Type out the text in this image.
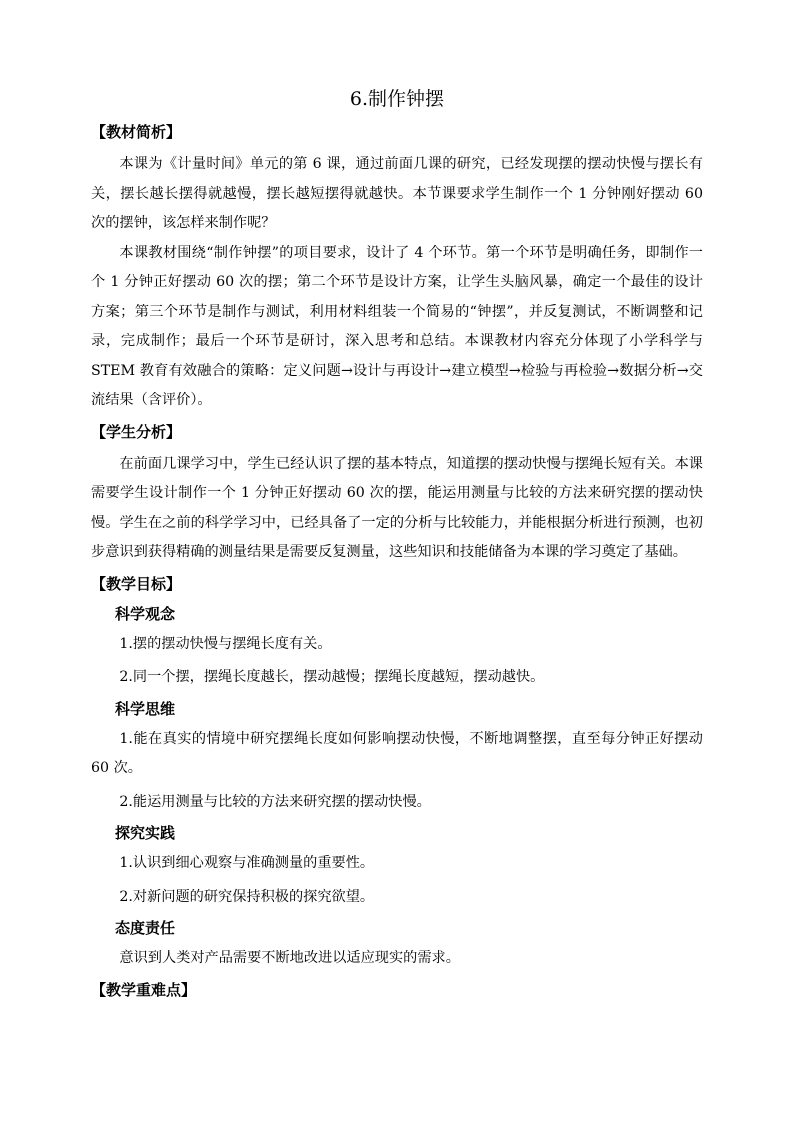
6.制作钟摆
【教材简析】

本课为《计量时间》单元的第 6 课，通过前面几课的研究，已经发现摆的摆动快慢与摆长有关，摆长越长摆得就越慢，摆长越短摆得就越快。本节课要求学生制作一个 1 分钟刚好摆动 60 次的摆钟，该怎样来制作呢？

本课教材围绕“制作钟摆”的项目要求，设计了 4 个环节。第一个环节是明确任务，即制作一个 1 分钟正好摆动 60 次的摆；第二个环节是设计方案，让学生头脑风暴，确定一个最佳的设计方案；第三个环节是制作与测试，利用材料组装一个简易的“钟摆”，并反复测试，不断调整和记录，完成制作；最后一个环节是研讨，深入思考和总结。本课教材内容充分体现了小学科学与 STEM 教育有效融合的策略：定义问题→设计与再设计→建立模型→检验与再检验→数据分析→交流结果（含评价）。

【学生分析】

在前面几课学习中，学生已经认识了摆的基本特点，知道摆的摆动快慢与摆绳长短有关。本课需要学生设计制作一个 1 分钟正好摆动 60 次的摆，能运用测量与比较的方法来研究摆的摆动快慢。学生在之前的科学学习中，已经具备了一定的分析与比较能力，并能根据分析进行预测，也初步意识到获得精确的测量结果是需要反复测量，这些知识和技能储备为本课的学习奠定了基础。

【教学目标】
科学观念

1.摆的摆动快慢与摆绳长度有关。

2.同一个摆，摆绳长度越长，摆动越慢；摆绳长度越短，摆动越快。

科学思维

1.能在真实的情境中研究摆绳长度如何影响摆动快慢，不断地调整摆，直至每分钟正好摆动 60 次。

2.能运用测量与比较的方法来研究摆的摆动快慢。

探究实践

1.认识到细心观察与准确测量的重要性。

2.对新问题的研究保持积极的探究欲望。

态度责任

意识到人类对产品需要不断地改进以适应现实的需求。

【教学重难点】
